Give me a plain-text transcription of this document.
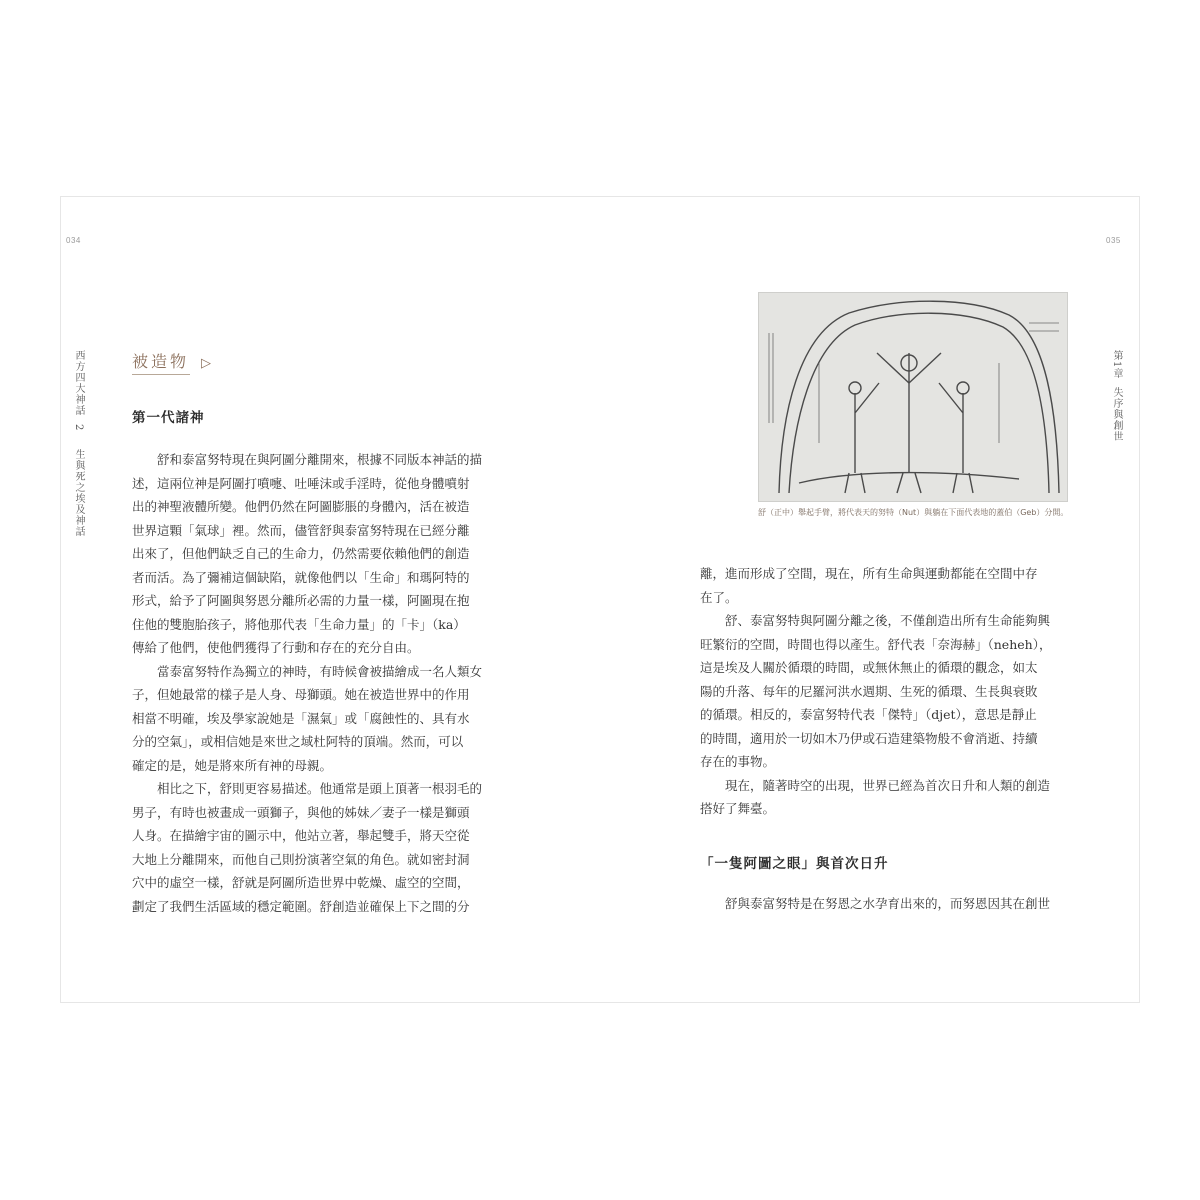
034
西方四大神話2生與死之埃及神話
被造物 ▷
第一代諸神
　　舒和泰富努特現在與阿圖分離開來，根據不同版本神話的描
述，這兩位神是阿圖打噴嚏、吐唾沫或手淫時，從他身體噴射
出的神聖液體所變。他們仍然在阿圖膨脹的身體內，活在被造
世界這顆「氣球」裡。然而，儘管舒與泰富努特現在已經分離
出來了，但他們缺乏自己的生命力，仍然需要依賴他們的創造
者而活。為了彌補這個缺陷，就像他們以「生命」和瑪阿特的
形式，給予了阿圖與努恩分離所必需的力量一樣，阿圖現在抱
住他的雙胞胎孩子，將他那代表「生命力量」的「卡」（ka）
傳給了他們，使他們獲得了行動和存在的充分自由。
　　當泰富努特作為獨立的神時，有時候會被描繪成一名人類女
子，但她最常的樣子是人身、母獅頭。她在被造世界中的作用
相當不明確，埃及學家說她是「濕氣」或「腐蝕性的、具有水
分的空氣」，或相信她是來世之域杜阿特的頂端。然而，可以
確定的是，她是將來所有神的母親。
　　相比之下，舒則更容易描述。他通常是頭上頂著一根羽毛的
男子，有時也被畫成一頭獅子，與他的姊妹／妻子一樣是獅頭
人身。在描繪宇宙的圖示中，他站立著，舉起雙手，將天空從
大地上分離開來，而他自己則扮演著空氣的角色。就如密封洞
穴中的虛空一樣，舒就是阿圖所造世界中乾燥、虛空的空間，
劃定了我們生活區域的穩定範圍。舒創造並確保上下之間的分
035
第1章失序與創世
舒（正中）舉起手臂，將代表天的努特（Nut）與躺在下面代表地的蓋伯（Geb）分開。
離，進而形成了空間，現在，所有生命與運動都能在空間中存
在了。
　　舒、泰富努特與阿圖分離之後，不僅創造出所有生命能夠興
旺繁衍的空間，時間也得以產生。舒代表「奈海赫」（neheh），
這是埃及人關於循環的時間，或無休無止的循環的觀念，如太
陽的升落、每年的尼羅河洪水週期、生死的循環、生長與衰敗
的循環。相反的，泰富努特代表「傑特」（djet），意思是靜止
的時間，適用於一切如木乃伊或石造建築物般不會消逝、持續
存在的事物。
　　現在，隨著時空的出現，世界已經為首次日升和人類的創造
搭好了舞臺。
「一隻阿圖之眼」與首次日升
　　舒與泰富努特是在努恩之水孕育出來的，而努恩因其在創世
